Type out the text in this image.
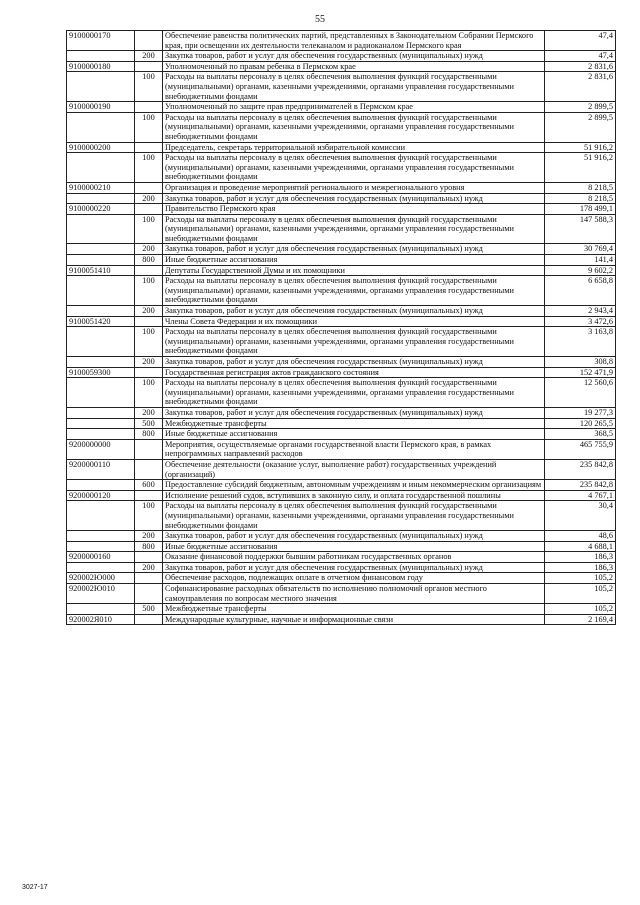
55
9100000170		Обеспечение равенства политических партий, представленных в Законодательном Собрании Пермского края, при освещении их деятельности телеканалом и радиоканалом Пермского края	47,4
	200	Закупка товаров, работ и услуг для обеспечения государственных (муниципальных) нужд	47,4
9100000180		Уполномоченный по правам ребенка в Пермском крае	2 831,6
	100	Расходы на выплаты персоналу в целях обеспечения выполнения функций государственными (муниципальными) органами, казенными учреждениями, органами управления государственными внебюджетными фондами	2 831,6
9100000190		Уполномоченный по защите прав предпринимателей в Пермском крае	2 899,5
	100	Расходы на выплаты персоналу в целях обеспечения выполнения функций государственными (муниципальными) органами, казенными учреждениями, органами управления государственными внебюджетными фондами	2 899,5
9100000200		Председатель, секретарь территориальной избирательной комиссии	51 916,2
	100	Расходы на выплаты персоналу в целях обеспечения выполнения функций государственными (муниципальными) органами, казенными учреждениями, органами управления государственными внебюджетными фондами	51 916,2
9100000210		Организация и проведение мероприятий регионального и межрегионального уровня	8 218,5
	200	Закупка товаров, работ и услуг для обеспечения государственных (муниципальных) нужд	8 218,5
9100000220		Правительство Пермского края	178 499,1
	100	Расходы на выплаты персоналу в целях обеспечения выполнения функций государственными (муниципальными) органами, казенными учреждениями, органами управления государственными внебюджетными фондами	147 588,3
	200	Закупка товаров, работ и услуг для обеспечения государственных (муниципальных) нужд	30 769,4
	800	Иные бюджетные ассигнования	141,4
9100051410		Депутаты Государственной Думы и их помощники	9 602,2
	100	Расходы на выплаты персоналу в целях обеспечения выполнения функций государственными (муниципальными) органами, казенными учреждениями, органами управления государственными внебюджетными фондами	6 658,8
	200	Закупка товаров, работ и услуг для обеспечения государственных (муниципальных) нужд	2 943,4
9100051420		Члены Совета Федерации и их помощники	3 472,6
	100	Расходы на выплаты персоналу в целях обеспечения выполнения функций государственными (муниципальными) органами, казенными учреждениями, органами управления государственными внебюджетными фондами	3 163,8
	200	Закупка товаров, работ и услуг для обеспечения государственных (муниципальных) нужд	308,8
9100059300		Государственная регистрация актов гражданского состояния	152 471,9
	100	Расходы на выплаты персоналу в целях обеспечения выполнения функций государственными (муниципальными) органами, казенными учреждениями, органами управления государственными внебюджетными фондами	12 560,6
	200	Закупка товаров, работ и услуг для обеспечения государственных (муниципальных) нужд	19 277,3
	500	Межбюджетные трансферты	120 265,5
	800	Иные бюджетные ассигнования	368,5
9200000000		Мероприятия, осуществляемые органами государственной власти Пермского края, в рамках непрограммных направлений расходов	465 755,9
9200000110		Обеспечение деятельности (оказание услуг, выполнение работ) государственных учреждений (организаций)	235 842,8
	600	Предоставление субсидий бюджетным, автономным учреждениям и иным некоммерческим организациям	235 842,8
9200000120		Исполнение решений судов, вступивших в законную силу, и оплата государственной пошлины	4 767,1
	100	Расходы на выплаты персоналу в целях обеспечения выполнения функций государственными (муниципальными) органами, казенными учреждениями, органами управления государственными внебюджетными фондами	30,4
	200	Закупка товаров, работ и услуг для обеспечения государственных (муниципальных) нужд	48,6
	800	Иные бюджетные ассигнования	4 688,1
9200000160		Оказание финансовой поддержки бывшим работникам государственных органов	186,3
	200	Закупка товаров, работ и услуг для обеспечения государственных (муниципальных) нужд	186,3
920002Ю000		Обеспечение расходов, подлежащих оплате в отчетном финансовом году	105,2
920002Ю010		Софинансирование расходных обязательств по исполнению полномочий органов местного самоуправления по вопросам местного значения	105,2
	500	Межбюджетные трансферты	105,2
920002Я010		Международные культурные, научные и информационные связи	2 169,4
3027-17
